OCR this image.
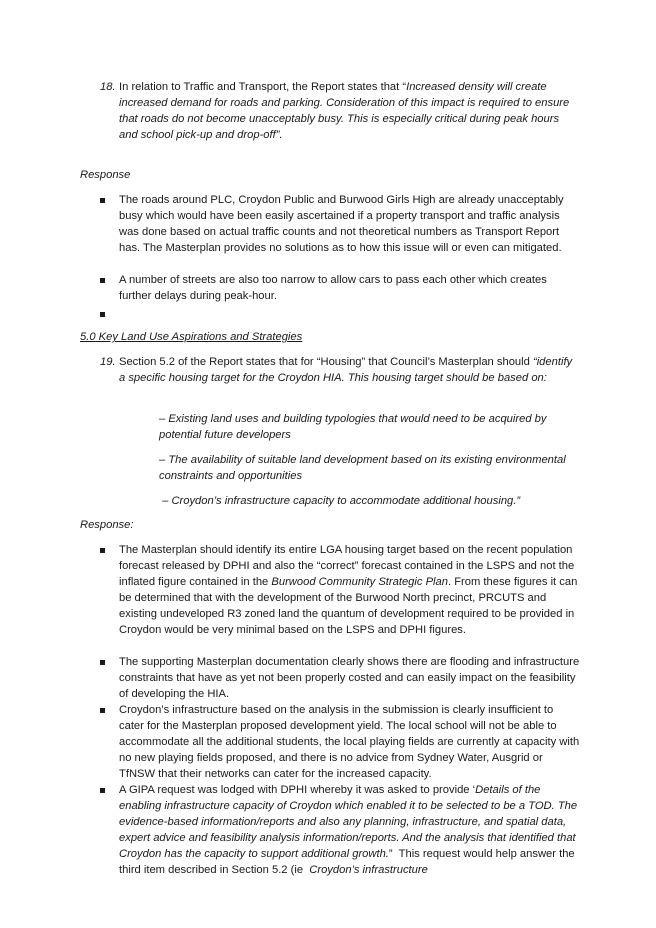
18. In relation to Traffic and Transport, the Report states that “Increased density will create increased demand for roads and parking. Consideration of this impact is required to ensure that roads do not become unacceptably busy. This is especially critical during peak hours and school pick-up and drop-off”.

Response

The roads around PLC, Croydon Public and Burwood Girls High are already unacceptably busy which would have been easily ascertained if a property transport and traffic analysis was done based on actual traffic counts and not theoretical numbers as Transport Report has. The Masterplan provides no solutions as to how this issue will or even can mitigated.
A number of streets are also too narrow to allow cars to pass each other which creates further delays during peak-hour.

5.0 Key Land Use Aspirations and Strategies

19. Section 5.2 of the Report states that for “Housing” that Council’s Masterplan should “identify a specific housing target for the Croydon HIA. This housing target should be based on:

– Existing land uses and building typologies that would need to be acquired by potential future developers

– The availability of suitable land development based on its existing environmental constraints and opportunities

– Croydon’s infrastructure capacity to accommodate additional housing.”

Response:

The Masterplan should identify its entire LGA housing target based on the recent population forecast released by DPHI and also the “correct” forecast contained in the LSPS and not the inflated figure contained in the Burwood Community Strategic Plan. From these figures it can be determined that with the development of the Burwood North precinct, PRCUTS and existing undeveloped R3 zoned land the quantum of development required to be provided in Croydon would be very minimal based on the LSPS and DPHI figures.
The supporting Masterplan documentation clearly shows there are flooding and infrastructure constraints that have as yet not been properly costed and can easily impact on the feasibility of developing the HIA.
Croydon’s infrastructure based on the analysis in the submission is clearly insufficient to cater for the Masterplan proposed development yield. The local school will not be able to accommodate all the additional students, the local playing fields are currently at capacity with no new playing fields proposed, and there is no advice from Sydney Water, Ausgrid or TfNSW that their networks can cater for the increased capacity.
A GIPA request was lodged with DPHI whereby it was asked to provide ‘Details of the enabling infrastructure capacity of Croydon which enabled it to be selected to be a TOD. The evidence-based information/reports and also any planning, infrastructure, and spatial data, expert advice and feasibility analysis information/reports. And the analysis that identified that Croydon has the capacity to support additional growth.”  This request would help answer the third item described in Section 5.2 (ie  Croydon’s infrastructure
